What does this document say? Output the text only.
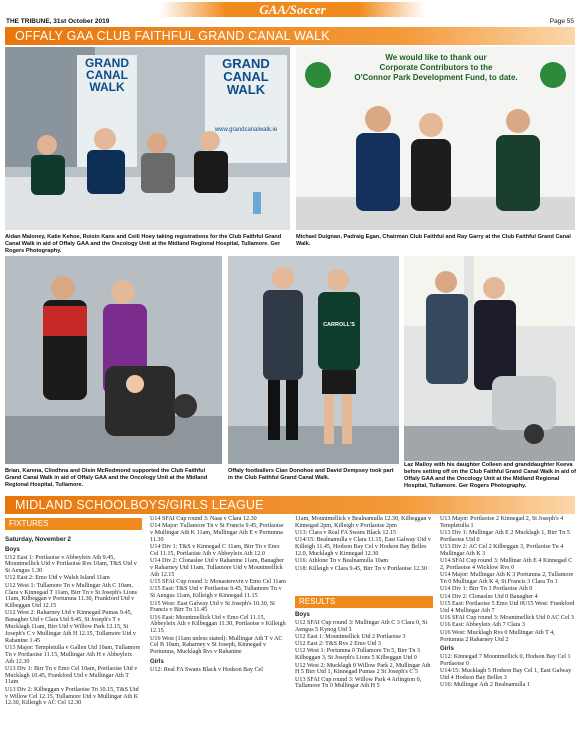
GAA/Soccer
THE TRIBUNE, 31st October 2019	Page 55
OFFALY GAA CLUB FAITHFUL GRAND CANAL WALK
GRAND CANAL WALK
GRAND CANAL WALK
www.grandcanalwalk.ie
Aidan Maloney, Katie Kehoe, Roisin Kane and Ceili Hoey taking registrations for the Club Faithful Grand Canal Walk in aid of Offaly GAA and the Oncology Unit at the Midland Regional Hospital, Tullamore. Ger Rogers Photography.
We would like to thank our
Corporate Contributors to the
O'Connor Park Development Fund, to date.
Michael Duignan, Padraig Egan, Chairman Club Faithful and Ray Garry at the Club Faithful Grand Canal Walk.
Brian, Karena, Cliodhna and Oisin McRedmond supported the Club Faithful Grand Canal Walk in aid of Offaly GAA and the Oncology Unit at the Midland Regional Hospital, Tullamore.
CARROLL'S
Offaly footballers Cian Donohoe and David Dempsey took part in the Club Faithful Grand Canal Walk.
Laz Malloy with his daughter Colleen and granddaughter Keeva before setting off on the Club Faithful Grand Canal Walk in aid of Offaly GAA and the Oncology Unit at the Midland Regional Hospital, Tullamore. Ger Rogers Photography.
MIDLAND SCHOOLBOYS/GIRLS LEAGUE
FIXTURES
Saturday, November 2
Boys

U12 East 1: Portlaoise v Abbeyleix Ath 9.45, Mountmellick Utd v Portlaoise Rvs 10am, T&S Utd v St Aengus 1.30

U12 East 2: Emo Utd v Walsh Island 11am

U12 West 1: Tullamore Tn v Mullingar Ath C 10am, Clara v Kinnegad T 11am, Birr Tn v St Joseph's Lions 11am, Kilbeggan v Portumna 11.30, Frankford Utd v Kilbeggan Utd 12.15

U12 West 2: Raharney Utd v Kinnegad Pumas 9.45, Banagher Utd v Clara Utd 9.45, St Joseph's T v Mucklagh 11am, Birr Utd v Willow Park 12.15, St Joseph's C v Mullingar Ath H 12.15, Tullamore Utd v Rahanine 1.45

U13 Major: Templetulla v Gallen Utd 10am, Tullamore Tn v Portlaoise 11.15, Mullingar Ath H v Abbeyleix Ath 12.30

U13 Div 1: Birr Tn v Emo Cel 10am, Portlaoise Utd v Mucklagh 10.45, Frankford Utd v Mullingar Ath T 11am

U13 Div 2: Kilbeggan v Portlaoise Tn 10.15, T&S Utd v Willow Cel 12.15, Tullamore Utd v Mullingar Ath K 12.30, Killeigh v AC Cel 12.30

U14 SFAI Cup round 3: Naas v Clara 12.30

U14 Major: Tullamore Tn v St Francis 9.45, Portlaoise v Mullingar Ath K 11am, Mullingar Ath E v Portumna 11.30

U14 Div 1: T&S v Kinnegad C 11am, Birr Tn v Emo Cel 11.15, Portlaoise Ath v Abbeyleix Ath 12.0

U14 Div 2: Clonaslee Utd v Rahanine 11am, Banagher v Raharney Utd 11am, Tullamore Utd v Mountmellick Ath 12.15

U15 SFAI Cup round 3: Monasterevin v Emo Cel 11am

U15 East: T&S Utd v Portlaoise 9.45, Tullamore Tn v St Aengus 11am, Killeigh v Kinnegad 11.15

U15 West: East Galway Utd v St Joseph's 10.30, St Francis v Birr Tn 11.45

U16 East: Mountmellick Utd v Emo Cel 11.15, Abbeyleix Ath v Kilbeggan 11.30, Portlaoise v Killeigh 12.15

U16 West (11am unless stated): Mullingar Ath T v AC Cel B 10am, Raharney v St Joseph, Kinnegad v Portumna, Mucklagh Rvs v Rahanine

Girls

U12: Real FA Swans Black v Hodson Bay Cel

11am, Mountmellick v Bealnamulla 12.30, Kilbeggan v Kinnegad 2pm, Killeigh v Portlaoise 2pm

U13: Clara v Real FA Swans Black 12.15

U14/15: Bealnamulla v Clara 11.15, East Galway Utd v Killeigh 11.45, Hodson Bay Cel v Hodson Bay Belles 12.0, Mucklagh v Kinnegad 12.30

U16: Athlone Tn v Bealnamulla 10am

U18: Killeigh v Clara 9.45, Birr Tn v Portlaoise 12.30

RESULTS
Boys

U12 SFAI Cup round 3: Mullingar Ath C 3 Clara 0, St Aengus 5 Kynog Utd 3

U12 East 1: Mountmellick Utd 2 Portlaoise 3

U12 East 2: T&S Rvs 2 Emo Utd 3

U12 West 1: Portumna 0 Tullamore Tn 5, Birr Tn 3 Kilbeggan 3, St Joseph's Lions 5 Kilbeggan Utd 0

U12 West 2: Mucklagh 0 Willow Park 2, Mullingar Ath H 5 Birr Utd 1, Kinnegad Pumas 2 St Joseph's C 5

U13 SFAI Cup round 3: Willow Park 4 Arlington 0, Tullamore Tn 0 Mullingar Ath H 5

U13 Major: Portlaoise 2 Kinnegad 2, St Joseph's 4 Templetulla 1

U13 Div 1: Mullingar Ath E 2 Mucklagh 1, Birr Tn 5 Portlaoise Utd 0

U13 Div 2: AC Cel 2 Kilbeggan 3, Portlaoise Tn 4 Mullingar Ath K 3

U14 SFAI Cup round 3: Mullinar Ath E 4 Kinnegad C 2, Portlaoise 4 Wicklow Rvs 0

U14 Major: Mullingar Ath K 3 Portumna 2, Tullamore Tn 0 Mullingar Ath K 4, St Francis 3 Clara Tn 1

U14 Div 1: Birr Tn 3 Portlaoise Ath 0

U14 Div 2: Clonaslee Utd 0 Banagher 4

U15 East: Portlaoise 5 Emo Utd 0U15 West: Frankford Utd 4 Mullingar Ath 7

U16 SFAI Cup round 3: Mountmellick Utd 0 AC Cel 3

U16 East: Abbeyleix Ath 7 Clara 3

U16 West: Mucklagh Rvs 0 Mullingar Ath T 4, Portumna 2 Raharney Utd 2

Girls

U12: Kinnegad 7 Mountmellick 0, Hodson Bay Cel 1 Portlaoise 0

U14/15: Mucklagh 5 Hodson Bay Cel 1, East Galway Utd 4 Hodson Bay Belles 3

U16: Mullingar Ath 2 Bealnamulla 1
